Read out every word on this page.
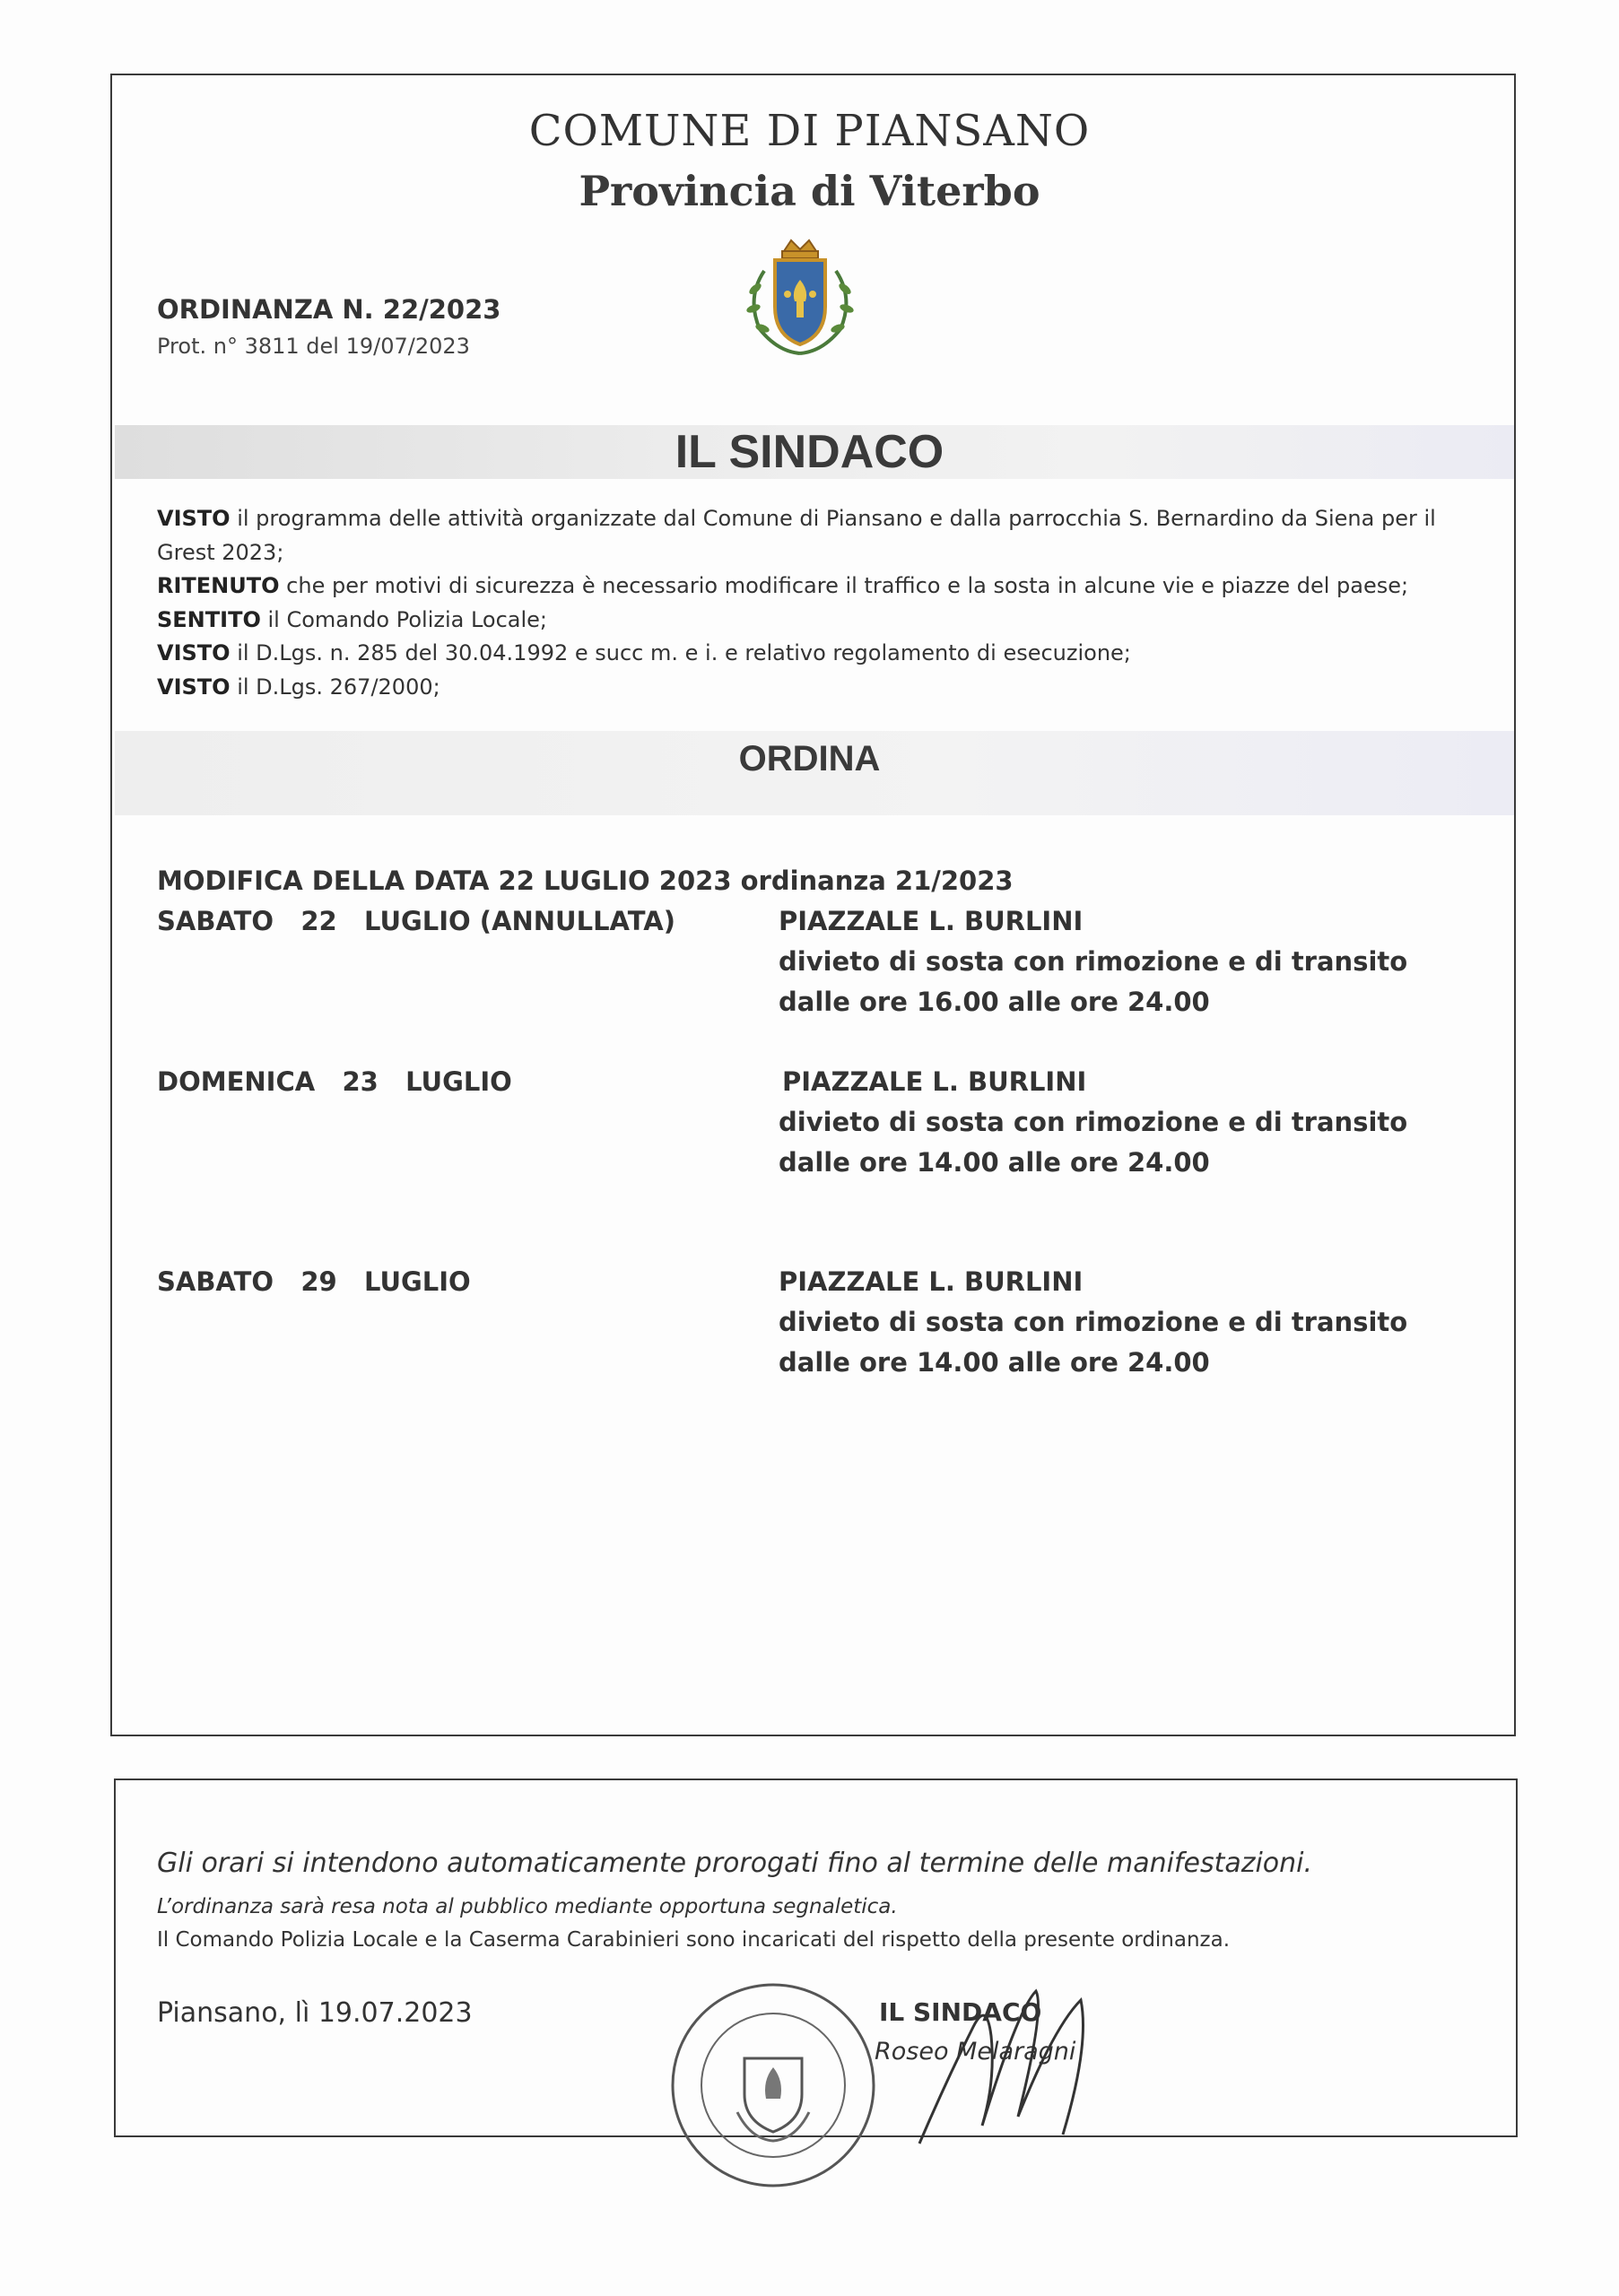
COMUNE DI PIANSANO
Provincia di Viterbo
ORDINANZA N. 22/2023
Prot. n° 3811 del 19/07/2023
IL SINDACO

VISTO il programma delle attività organizzate dal Comune di Piansano e dalla parrocchia S. Bernardino da Siena per il Grest 2023;

RITENUTO che per motivi di sicurezza è necessario modificare il traffico e la sosta in alcune vie e piazze del paese;

SENTITO il Comando Polizia Locale;

VISTO il D.Lgs. n. 285 del 30.04.1992 e succ m. e i. e relativo regolamento di esecuzione;

VISTO il D.Lgs. 267/2000;

ORDINA
MODIFICA DELLA DATA 22 LUGLIO 2023 ordinanza 21/2023
SABATO   22   LUGLIO (ANNULLATA)	PIAZZALE L. BURLINI
divieto di sosta con rimozione e di transito
dalle ore 16.00 alle ore 24.00
DOMENICA   23   LUGLIO	PIAZZALE L. BURLINI
divieto di sosta con rimozione e di transito
dalle ore 14.00 alle ore 24.00
SABATO   29   LUGLIO	PIAZZALE L. BURLINI
divieto di sosta con rimozione e di transito
dalle ore 14.00 alle ore 24.00
Gli orari si intendono automaticamente prorogati fino al termine delle manifestazioni.
L’ordinanza sarà resa nota al pubblico mediante opportuna segnaletica.
Il Comando Polizia Locale e la Caserma Carabinieri sono incaricati del rispetto della presente ordinanza.
Piansano, lì 19.07.2023	IL SINDACO
Roseo Melaragni
